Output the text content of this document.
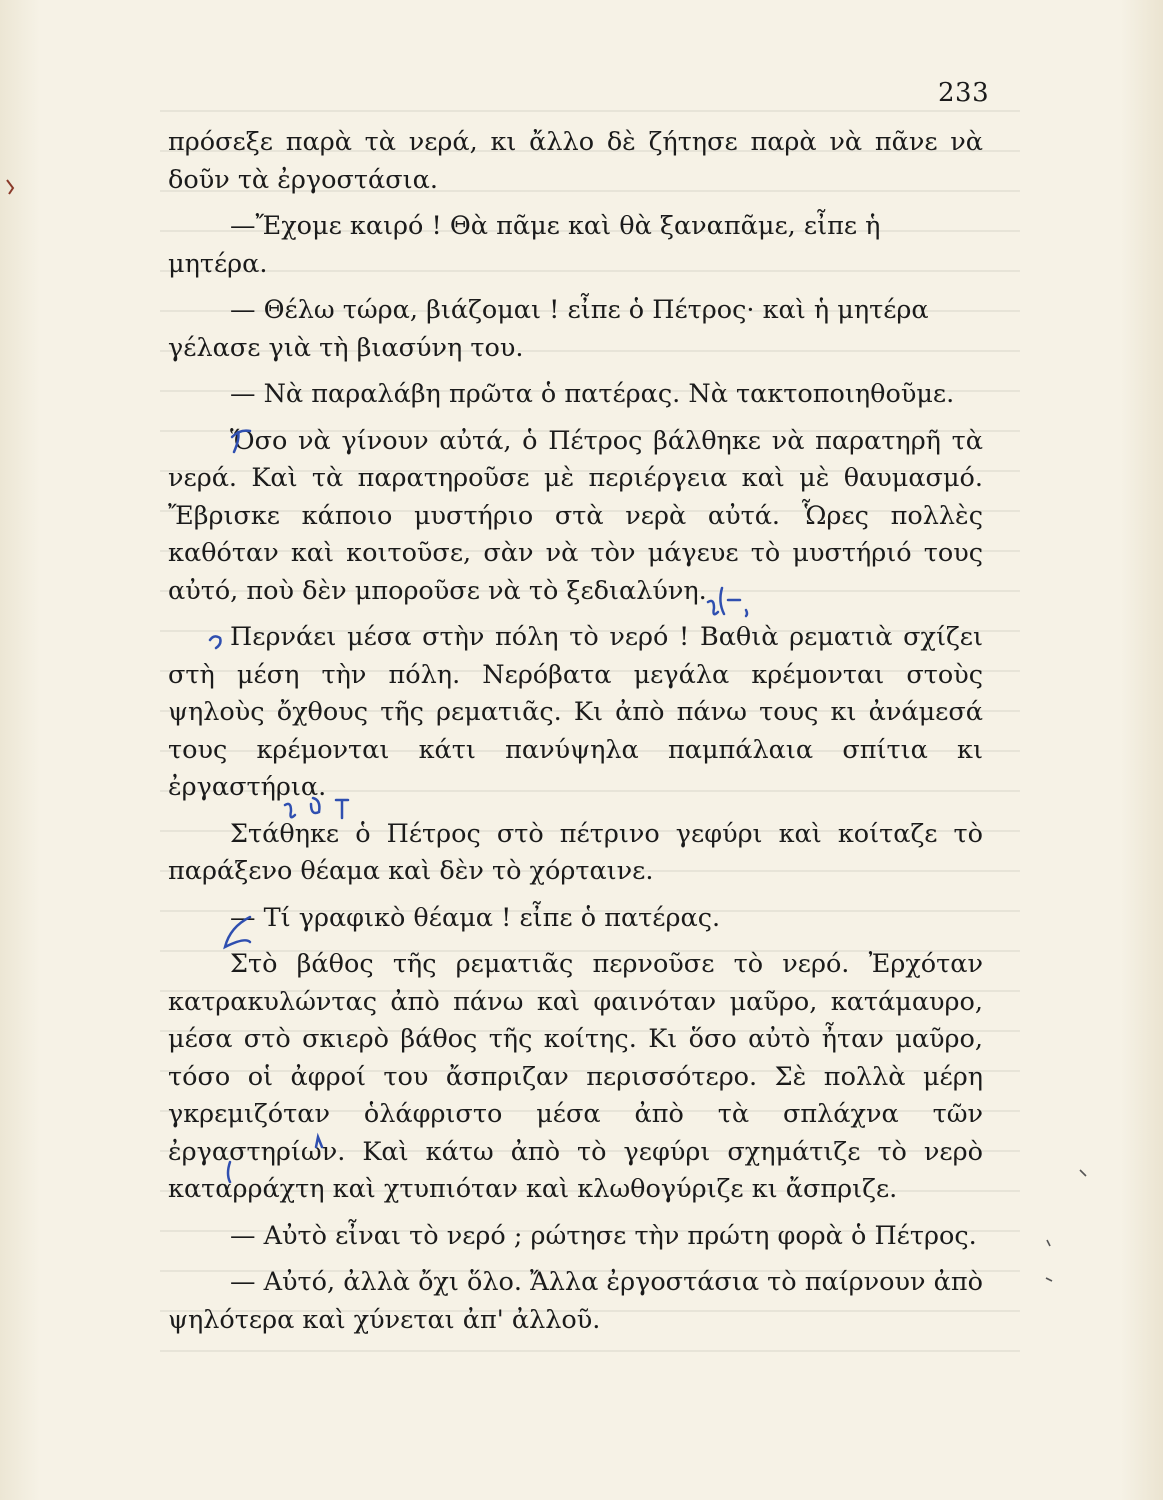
233

πρόσεξε παρὰ τὰ νερά, κι ἄλλο δὲ ζήτησε παρὰ νὰ πᾶνε νὰ δοῦν τὰ ἐργοστάσια.

—Ἔχομε καιρό ! Θὰ πᾶμε καὶ θὰ ξαναπᾶμε, εἶπε ἡ μητέρα.

— Θέλω τώρα, βιάζομαι ! εἶπε ὁ Πέτρος· καὶ ἡ μητέρα γέλασε γιὰ τὴ βιασύνη του.

— Νὰ παραλάβη πρῶτα ὁ πατέρας. Νὰ τακτοποιηθοῦμε.

Ὅσο νὰ γίνουν αὐτά, ὁ Πέτρος βάλθηκε νὰ παρατηρῆ τὰ νερά. Καὶ τὰ παρατηροῦσε μὲ περιέργεια καὶ μὲ θαυμασμό. Ἔβρισκε κάποιο μυστήριο στὰ νερὰ αὐτά. Ὧρες πολλὲς καθόταν καὶ κοιτοῦσε, σὰν νὰ τὸν μάγευε τὸ μυστήριό τους αὐτό, ποὺ δὲν μποροῦσε νὰ τὸ ξεδιαλύνη.

Περνάει μέσα στὴν πόλη τὸ νερό ! Βαθιὰ ρεματιὰ σχίζει στὴ μέση τὴν πόλη. Νερόβατα μεγάλα κρέμονται στοὺς ψηλοὺς ὄχθους τῆς ρεματιᾶς. Κι ἀπὸ πάνω τους κι ἀνάμεσά τους κρέμονται κάτι πανύψηλα παμπάλαια σπίτια κι ἐργαστήρια.

Στάθηκε ὁ Πέτρος στὸ πέτρινο γεφύρι καὶ κοίταζε τὸ παράξενο θέαμα καὶ δὲν τὸ χόρταινε.

— Τί γραφικὸ θέαμα ! εἶπε ὁ πατέρας.

Στὸ βάθος τῆς ρεματιᾶς περνοῦσε τὸ νερό. Ἐρχόταν κατρακυλώντας ἀπὸ πάνω καὶ φαινόταν μαῦρο, κατάμαυρο, μέσα στὸ σκιερὸ βάθος τῆς κοίτης. Κι ὅσο αὐτὸ ἦταν μαῦρο, τόσο οἱ ἀφροί του ἄσπριζαν περισσότερο. Σὲ πολλὰ μέρη γκρεμιζόταν ὁλάφριστο μέσα ἀπὸ τὰ σπλάχνα τῶν ἐργαστηρίων. Καὶ κάτω ἀπὸ τὸ γεφύρι σχημάτιζε τὸ νερὸ καταρράχτη καὶ χτυπιόταν καὶ κλωθογύριζε κι ἄσπριζε.

— Αὐτὸ εἶναι τὸ νερό ; ρώτησε τὴν πρώτη φορὰ ὁ Πέτρος.

— Αὐτό, ἀλλὰ ὄχι ὅλο. Ἄλλα ἐργοστάσια τὸ παίρνουν ἀπὸ ψηλότερα καὶ χύνεται ἀπ' ἀλλοῦ.
